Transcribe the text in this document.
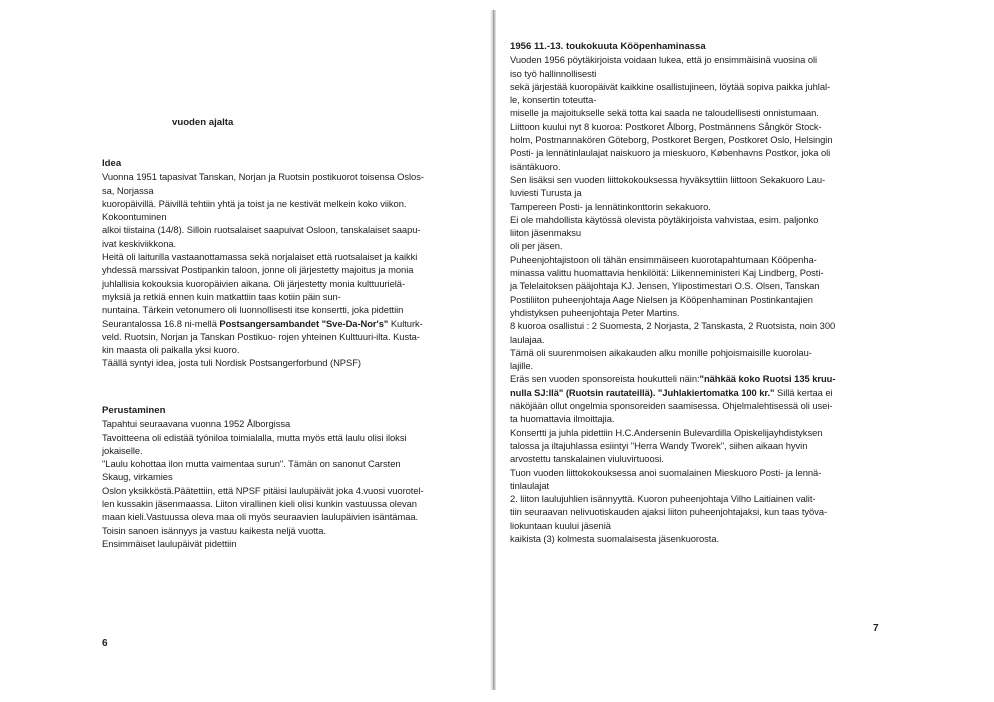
vuoden ajalta

Idea

Vuonna 1951 tapasivat Tanskan, Norjan ja Ruotsin postikuorot toisensa Oslos-

sa, Norjassa

kuoropäivillä. Päivillä tehtiin yhtä ja toist ja ne kestivät melkein koko viikon.

Kokoontuminen

alkoi tiistaina (14/8). Silloin ruotsalaiset saapuivat Osloon, tanskalaiset saapu-

ivat keskiviikkona.

Heitä oli laiturilla vastaanottamassa sekä norjalaiset että ruotsalaiset ja kaikki

yhdessä marssivat Postipankin taloon, jonne oli järjestetty majoitus ja monia

juhlallisia kokouksia kuoropäivien aikana. Oli järjestetty monia kulttuurielä-

myksiä ja retkiä ennen kuin matkattiin taas kotiin päin sun-

nuntaina. Tärkein vetonumero oli luonnollisesti itse konsertti, joka pidettiin

Seurantalossa 16.8 ni-mellä Postsangersambandet "Sve-Da-Nor's" Kulturk-

veld. Ruotsin, Norjan ja Tanskan Postikuo- rojen yhteinen Kulttuuri-ilta. Kusta-

kin maasta oli paikalla yksi kuoro.

Täällä syntyi idea, josta tuli Nordisk Postsangerforbund (NPSF)

Perustaminen

Tapahtui seuraavana vuonna 1952 Ålborgissa

Tavoitteena oli edistää työniloa toimialalla, mutta myös että laulu olisi iloksi

jokaiselle.

"Laulu kohottaa ilon mutta vaimentaa surun". Tämän on sanonut Carsten

Skaug, virkamies

Oslon yksikköstä.Päätettiin, että NPSF pitäisi laulupäivät joka 4.vuosi vuorotel-

len kussakin jäsenmaassa. Liiton virallinen kieli olisi kunkin vastuussa olevan

maan kieli.Vastuussa oleva maa oli myös seuraavien laulupäivien isäntämaa.

Toisin sanoen isännyys ja vastuu kaikesta neljä vuotta.

Ensimmäiset laulupäivät pidettiin

6

1956 11.-13. toukokuuta Kööpenhaminassa

Vuoden 1956 pöytäkirjoista voidaan lukea, että jo ensimmäisinä vuosina oli

iso työ hallinnollisesti

sekä järjestää kuoropäivät kaikkine osallistujineen, löytää sopiva paikka juhlal-

le, konsertin toteutta-

miselle ja majoitukselle sekä totta kai saada ne taloudellisesti onnistumaan.

Liittoon kuului nyt 8 kuoroa: Postkoret Ålborg, Postmännens Sångkör Stock-

holm, Postmannakören Göteborg, Postkoret Bergen, Postkoret Oslo, Helsingin

Posti- ja lennätinlaulajat naiskuoro ja mieskuoro, Københavns Postkor, joka oli

isäntäkuoro.

Sen lisäksi sen vuoden liittokokouksessa hyväksyttiin liittoon Sekakuoro Lau-

luviesti Turusta ja

Tampereen Posti- ja lennätinkonttorin sekakuoro.

Ei ole mahdollista käytössä olevista pöytäkirjoista vahvistaa, esim. paljonko

liiton jäsenmaksu

oli per jäsen.

Puheenjohtajistoon oli tähän ensimmäiseen kuorotapahtumaan Kööpenha-

minassa valittu huomattavia henkilöitä: Liikenneministeri Kaj Lindberg, Posti-

ja Telelaitoksen pääjohtaja KJ. Jensen, Ylipostimestari O.S. Olsen, Tanskan

Postiliiton puheenjohtaja Aage Nielsen ja Kööpenhaminan Postinkantajien

yhdistyksen puheenjohtaja Peter Martins.

8 kuoroa osallistui : 2 Suomesta, 2 Norjasta, 2 Tanskasta, 2 Ruotsista, noin 300

laulajaa.

Tämä oli suurenmoisen aikakauden alku monille pohjoismaisille kuorolau-

lajille.

Eräs sen vuoden sponsoreista houkutteli näin:"nähkää koko Ruotsi 135 kruu-

nulla SJ:llä" (Ruotsin rautateillä). "Juhlakiertomatka 100 kr." Sillä kertaa ei

näköjään ollut ongelmia sponsoreiden saamisessa. Ohjelmalehtisessä oli usei-

ta huomattavia ilmoittajia.

Konsertti ja juhla pidettiin H.C.Andersenin Bulevardilla Opiskelijayhdistyksen

talossa ja iltajuhlassa esiintyi "Herra Wandy Tworek", siihen aikaan hyvin

arvostettu tanskalainen viuluvirtuoosi.

Tuon vuoden liittokokouksessa anoi suomalainen Mieskuoro Posti- ja lennä-

tinlaulajat

2. liiton laulujuhlien isännyyttä. Kuoron puheenjohtaja Vilho Laitiainen valit-

tiin seuraavan nelivuotiskauden ajaksi liiton puheenjohtajaksi, kun taas työva-

liokuntaan kuului jäseniä

kaikista (3) kolmesta suomalaisesta jäsenkuorosta.

7
